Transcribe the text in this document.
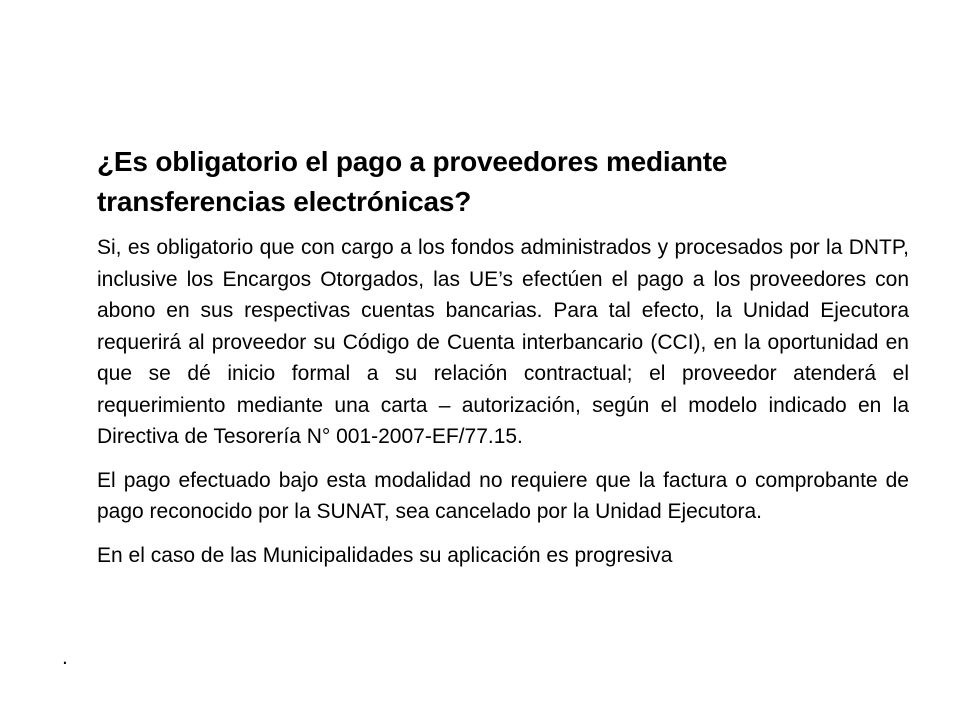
¿Es obligatorio el pago a proveedores mediante transferencias electrónicas?

Si, es obligatorio que con cargo a los fondos administrados y procesados por la DNTP, inclusive los Encargos Otorgados, las UE’s efectúen el pago a los proveedores con abono en sus respectivas cuentas bancarias. Para tal efecto, la Unidad Ejecutora requerirá al proveedor su Código de Cuenta interbancario (CCI), en la oportunidad en que se dé inicio formal a su relación contractual; el proveedor atenderá el requerimiento mediante una carta – autorización, según el modelo indicado en la Directiva de Tesorería N° 001-2007-EF/77.15.

El pago efectuado bajo esta modalidad no requiere que la factura o comprobante de pago reconocido por la SUNAT, sea cancelado por la Unidad Ejecutora.

En el caso de las Municipalidades su aplicación es progresiva

.
